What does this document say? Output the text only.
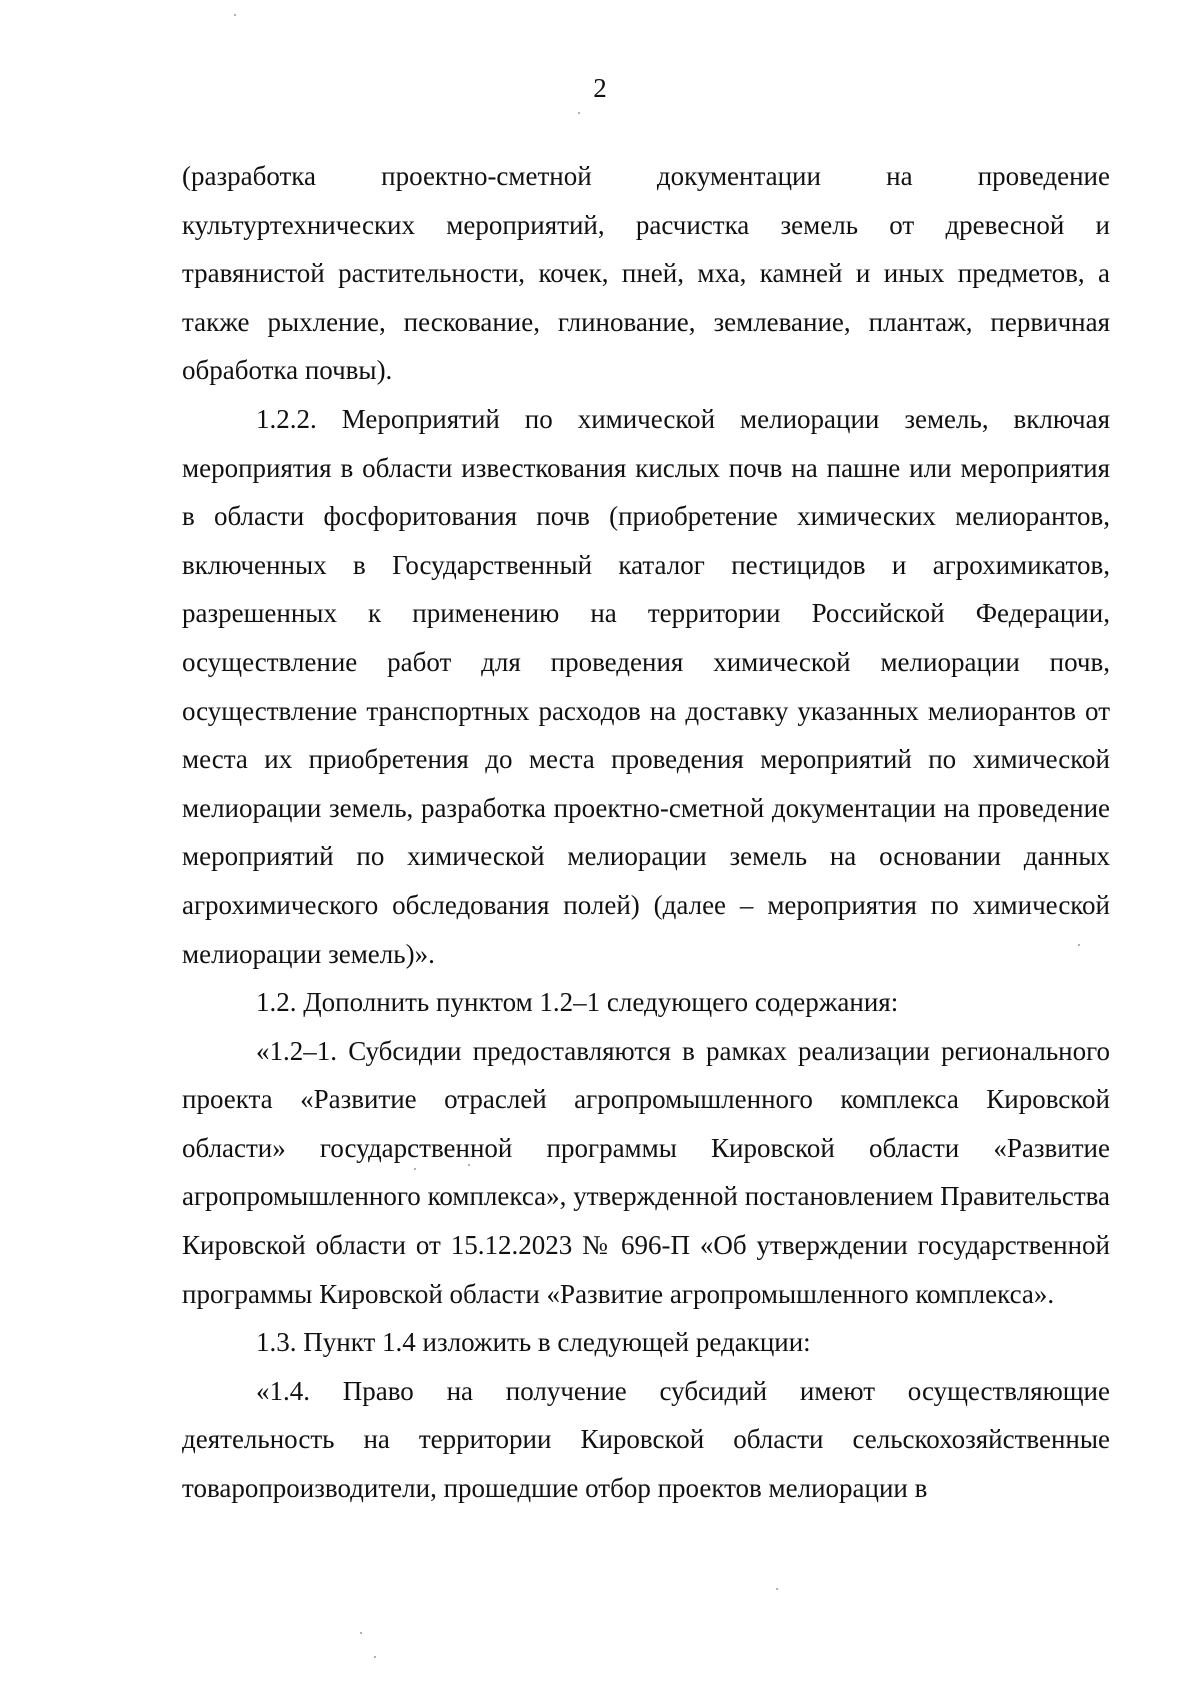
2

(разработка проектно-сметной документации на проведение культуртехнических мероприятий, расчистка земель от древесной и травянистой растительности, кочек, пней, мха, камней и иных предметов, а также рыхление, пескование, глинование, землевание, плантаж, первичная обработка почвы).

1.2.2. Мероприятий по химической мелиорации земель, включая мероприятия в области известкования кислых почв на пашне или мероприятия в области фосфоритования почв (приобретение химических мелиорантов, включенных в Государственный каталог пестицидов и агрохимикатов, разрешенных к применению на территории Российской Федерации, осуществление работ для проведения химической мелиорации почв, осуществление транспортных расходов на доставку указанных мелиорантов от места их приобретения до места проведения мероприятий по химической мелиорации земель, разработка проектно-сметной документации на проведение мероприятий по химической мелиорации земель на основании данных агрохимического обследования полей) (далее – мероприятия по химической мелиорации земель)».

1.2. Дополнить пунктом 1.2–1 следующего содержания:

«1.2–1. Субсидии предоставляются в рамках реализации регионального проекта «Развитие отраслей агропромышленного комплекса Кировской области» государственной программы Кировской области «Развитие агропромышленного комплекса», утвержденной постановлением Правительства Кировской области от 15.12.2023 № 696-П «Об утверждении государственной программы Кировской области «Развитие агропромышленного комплекса».

1.3. Пункт 1.4 изложить в следующей редакции:

«1.4. Право на получение субсидий имеют осуществляющие деятельность на территории Кировской области сельскохозяйственные товаропроизводители, прошедшие отбор проектов мелиорации в
